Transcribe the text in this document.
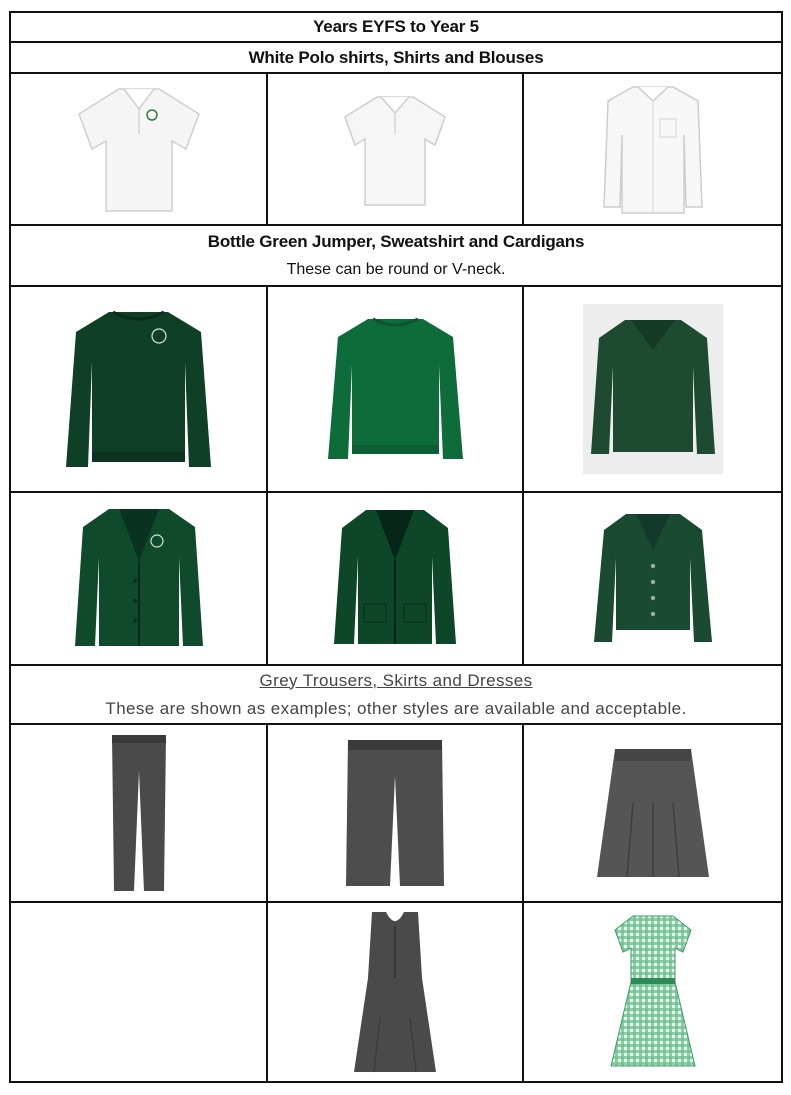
Years EYFS to Year 5		
White Polo shirts, Shirts and Blouses		

Bottle Green Jumper, Sweatshirt and Cardigans
These can be round or V-neck.		

Grey Trousers, Skirts and Dresses
These are shown as examples; other styles are available and acceptable.		
